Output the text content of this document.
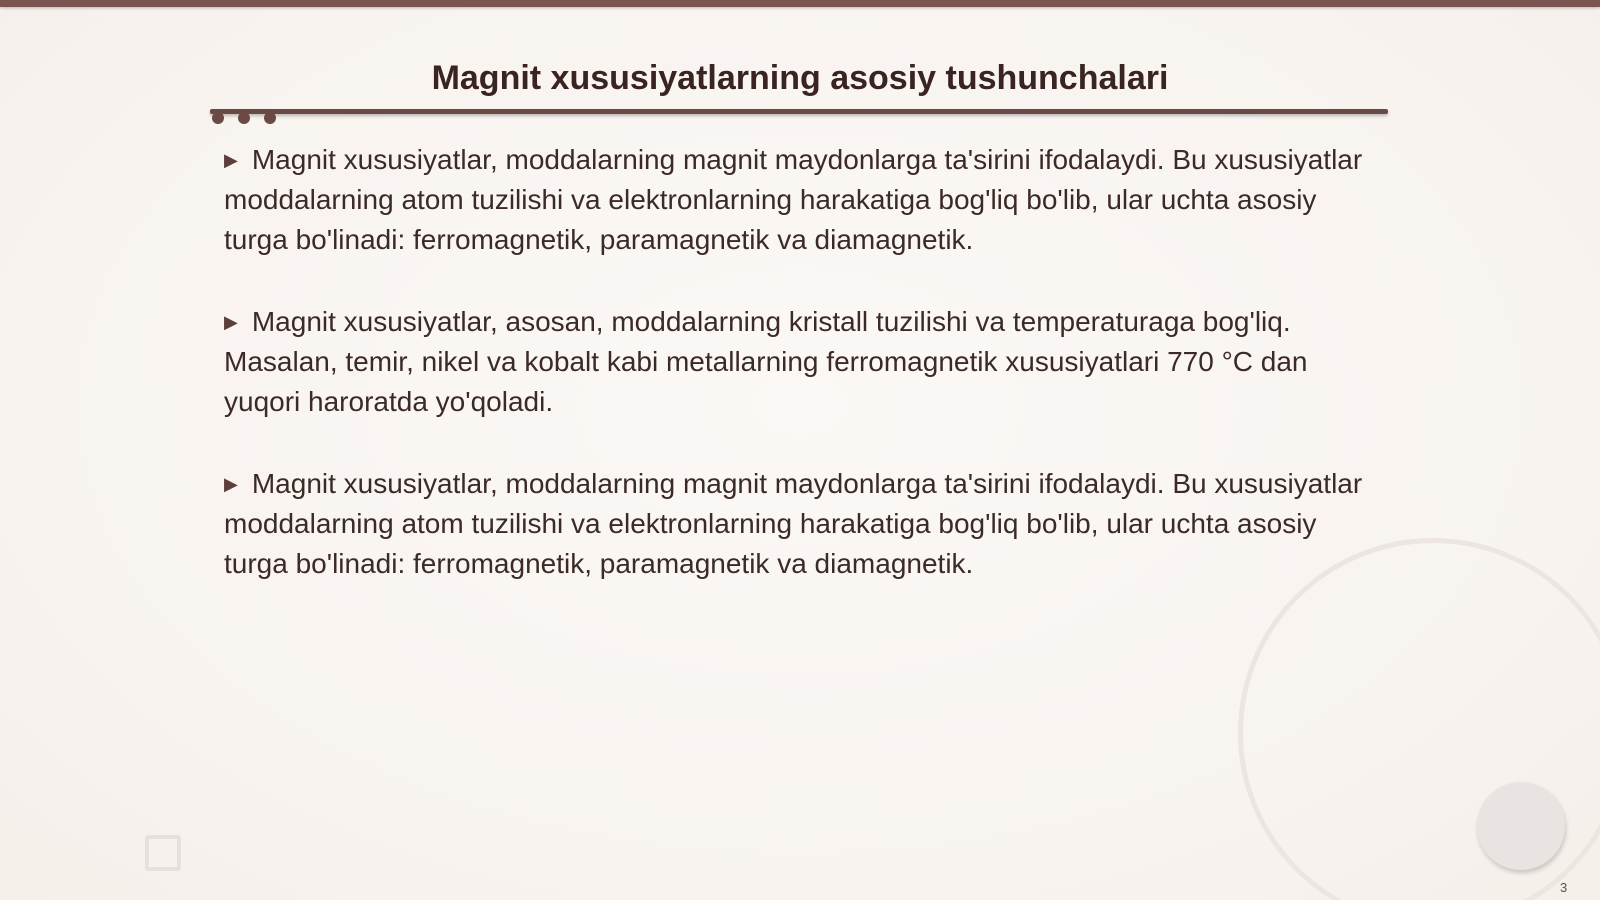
Magnit xususiyatlarning asosiy tushunchalari

▶ Magnit xususiyatlar, moddalarning magnit maydonlarga ta'sirini ifodalaydi. Bu xususiyatlar moddalarning atom tuzilishi va elektronlarning harakatiga bog'liq bo'lib, ular uchta asosiy turga bo'linadi: ferromagnetik, paramagnetik va diamagnetik.

▶ Magnit xususiyatlar, asosan, moddalarning kristall tuzilishi va temperaturaga bog'liq. Masalan, temir, nikel va kobalt kabi metallarning ferromagnetik xususiyatlari 770 °C dan yuqori haroratda yo'qoladi.

▶ Magnit xususiyatlar, moddalarning magnit maydonlarga ta'sirini ifodalaydi. Bu xususiyatlar moddalarning atom tuzilishi va elektronlarning harakatiga bog'liq bo'lib, ular uchta asosiy turga bo'linadi: ferromagnetik, paramagnetik va diamagnetik.

3
